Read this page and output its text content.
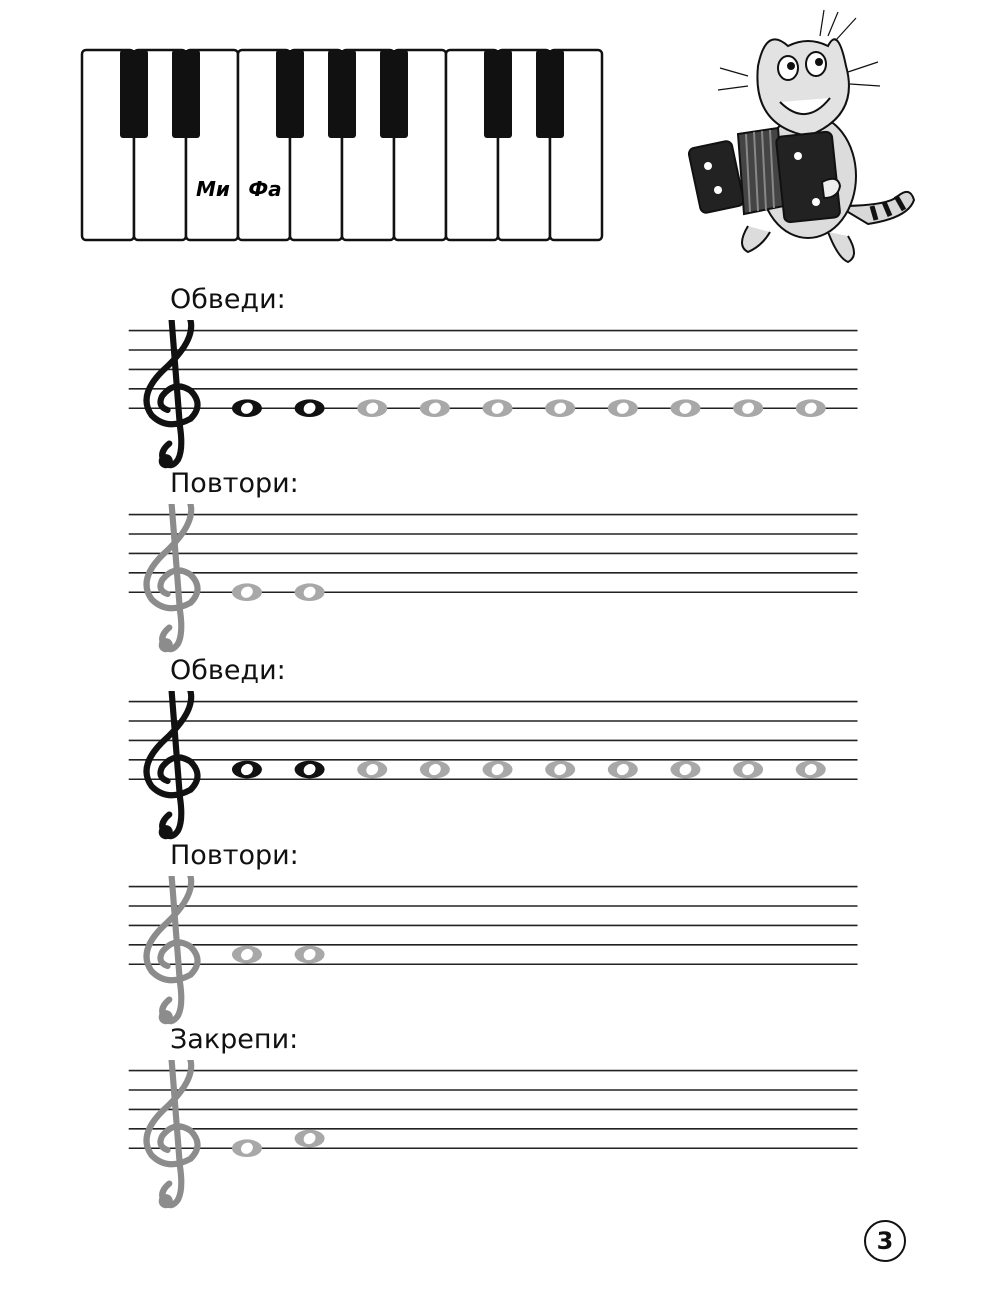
Ми Фа
Обведи:
Повтори:
Обведи:
Повтори:
Закрепи:
3
